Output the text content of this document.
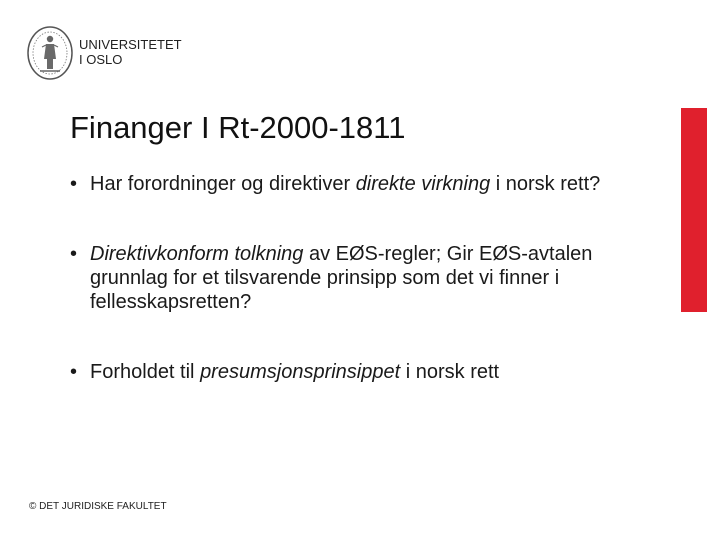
UNIVERSITETET
I OSLO
Finanger I Rt-2000-1811
• Har forordninger og direktiver direkte virkning i norsk rett?
• Direktivkonform tolkning av EØS-regler; Gir EØS-avtalen grunnlag for et tilsvarende prinsipp som det vi finner i fellesskapsretten?
• Forholdet til presumsjonsprinsippet i norsk rett
© DET JURIDISKE FAKULTET
